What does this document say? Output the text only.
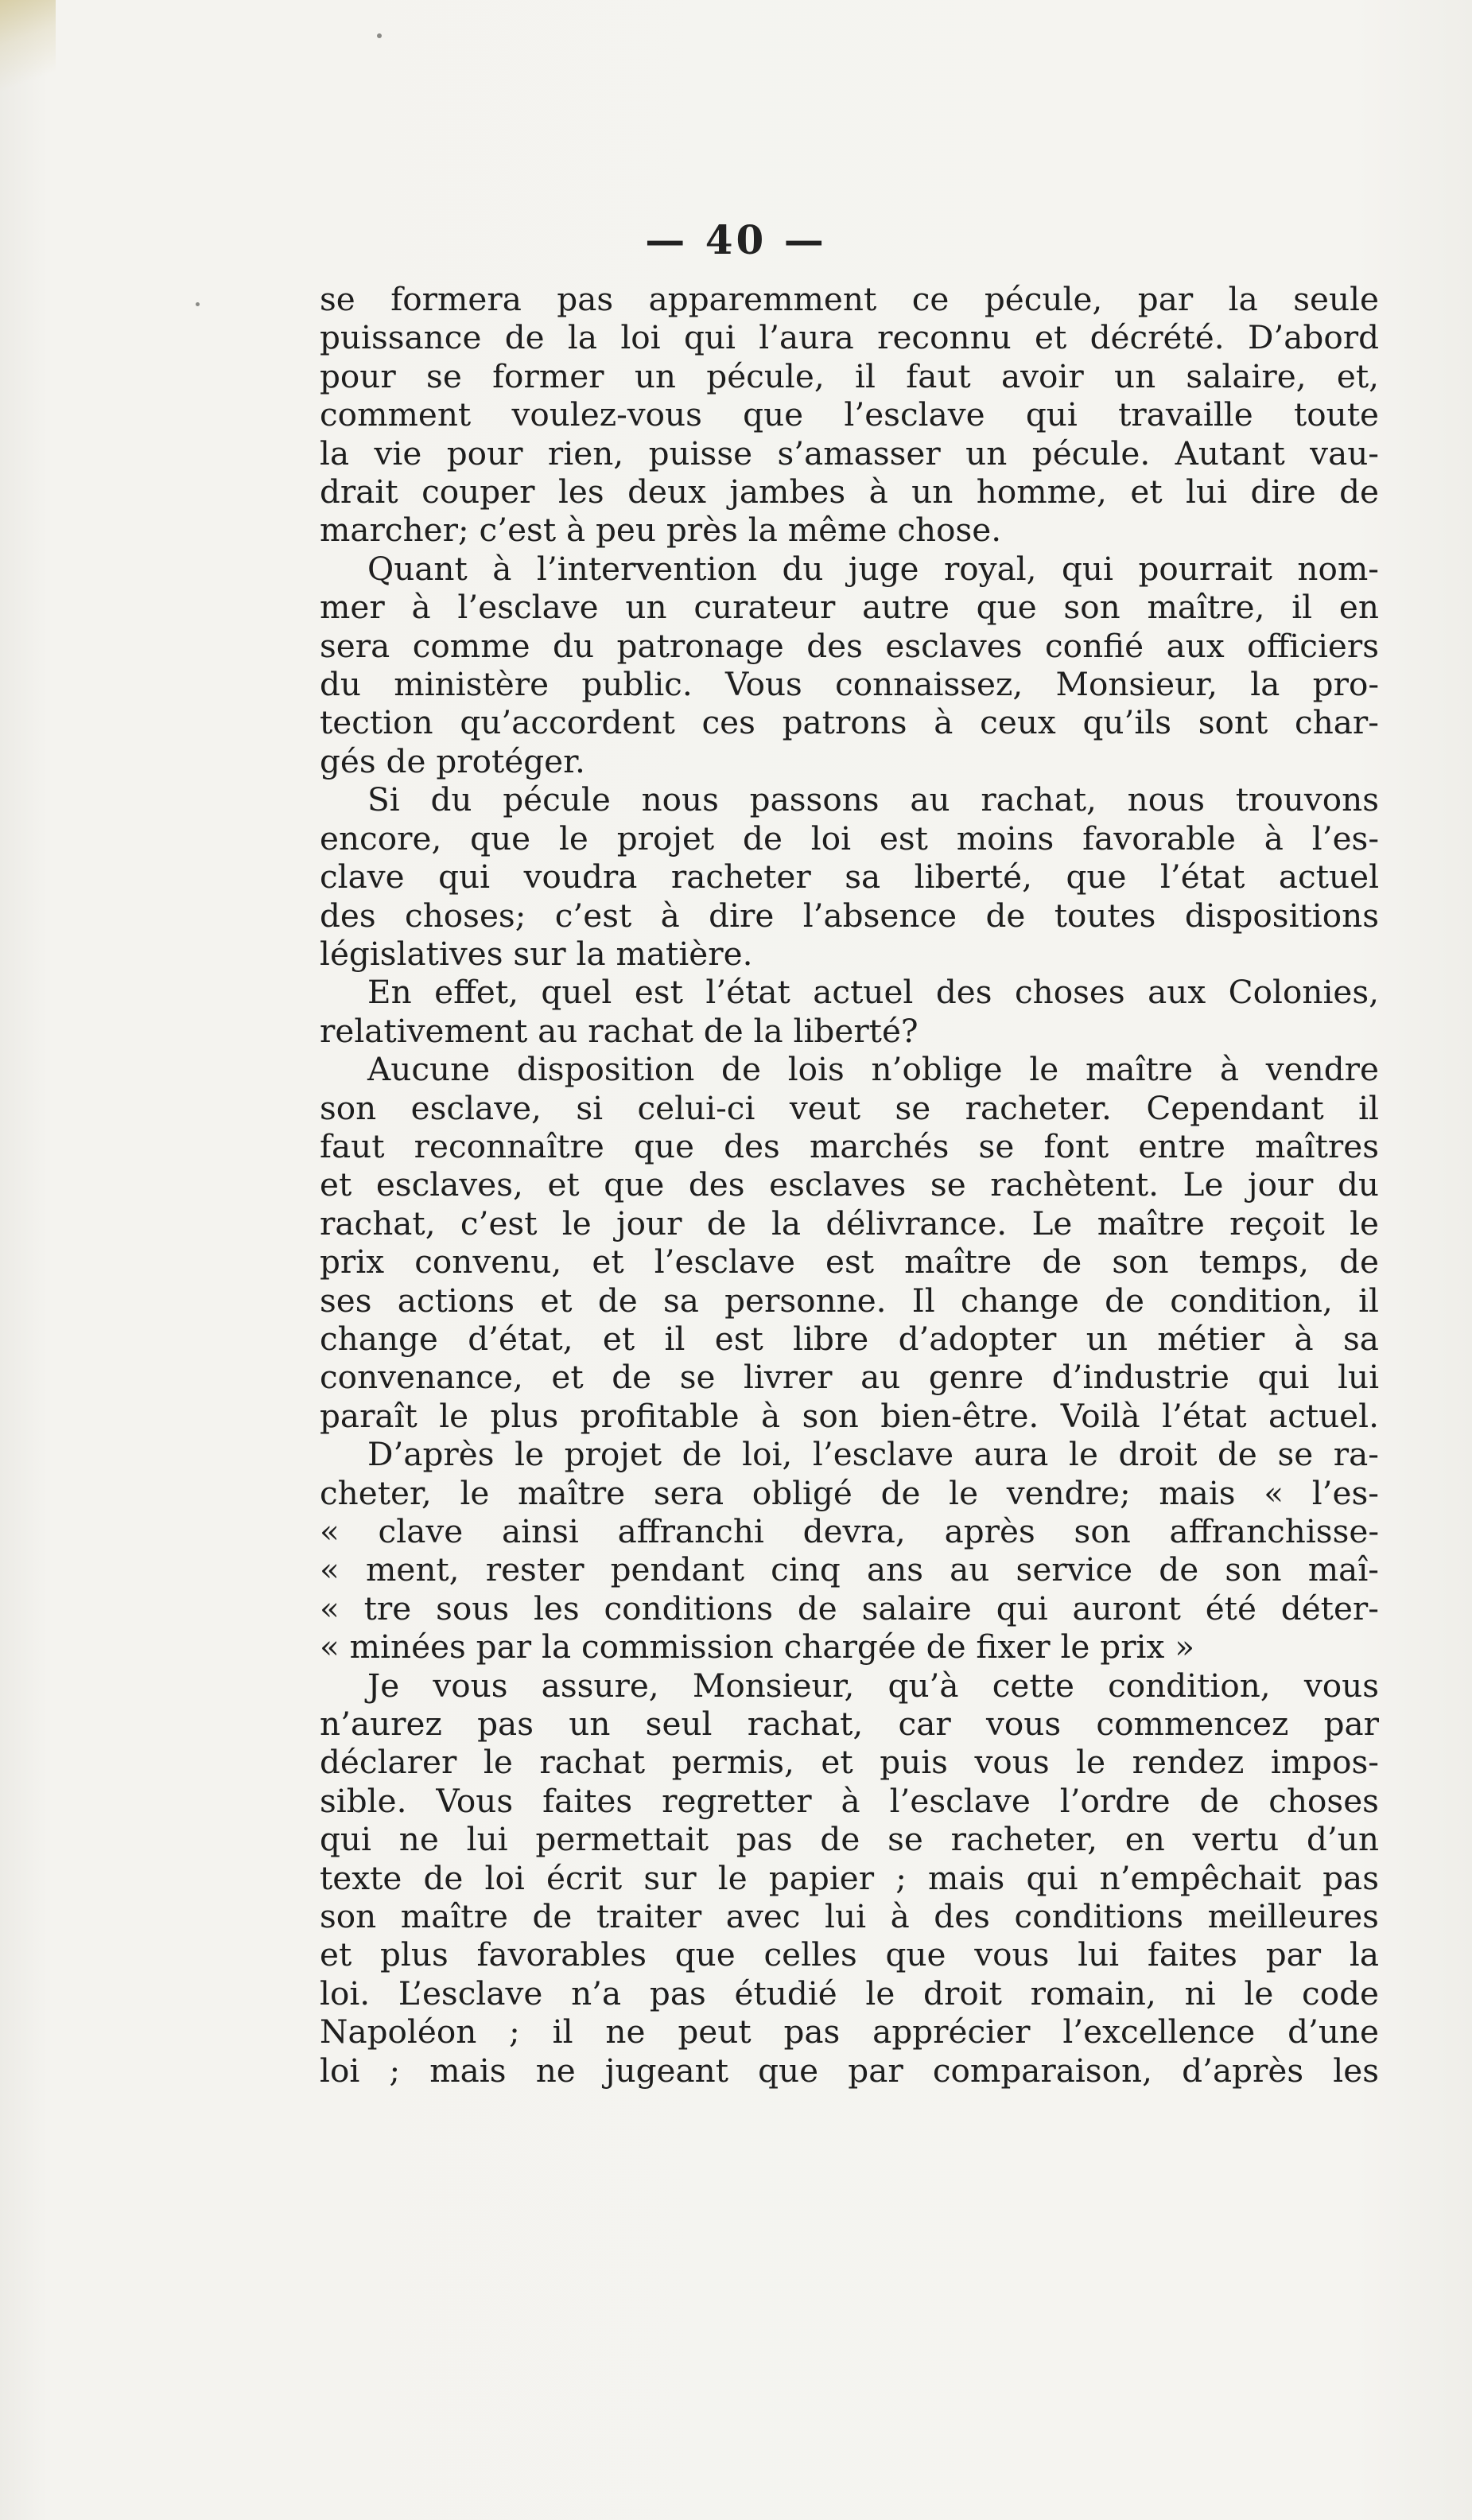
— 40 —
se formera pas apparemment ce pécule, par la seule
puissance de la loi qui l’aura reconnu et décrété. D’abord
pour se former un pécule, il faut avoir un salaire, et,
comment voulez-vous que l’esclave qui travaille toute
la vie pour rien, puisse s’amasser un pécule. Autant vau-
drait couper les deux jambes à un homme, et lui dire de
marcher; c’est à peu près la même chose.
Quant à l’intervention du juge royal, qui pourrait nom-
mer à l’esclave un curateur autre que son maître, il en
sera comme du patronage des esclaves confié aux officiers
du ministère public. Vous connaissez, Monsieur, la pro-
tection qu’accordent ces patrons à ceux qu’ils sont char-
gés de protéger.
Si du pécule nous passons au rachat, nous trouvons
encore, que le projet de loi est moins favorable à l’es-
clave qui voudra racheter sa liberté, que l’état actuel
des choses; c’est à dire l’absence de toutes dispositions
législatives sur la matière.
En effet, quel est l’état actuel des choses aux Colonies,
relativement au rachat de la liberté?
Aucune disposition de lois n’oblige le maître à vendre
son esclave, si celui-ci veut se racheter. Cependant il
faut reconnaître que des marchés se font entre maîtres
et esclaves, et que des esclaves se rachètent. Le jour du
rachat, c’est le jour de la délivrance. Le maître reçoit le
prix convenu, et l’esclave est maître de son temps, de
ses actions et de sa personne. Il change de condition, il
change d’état, et il est libre d’adopter un métier à sa
convenance, et de se livrer au genre d’industrie qui lui
paraît le plus profitable à son bien-être. Voilà l’état actuel.
D’après le projet de loi, l’esclave aura le droit de se ra-
cheter, le maître sera obligé de le vendre; mais « l’es-
« clave ainsi affranchi devra, après son affranchisse-
« ment, rester pendant cinq ans au service de son maî-
« tre sous les conditions de salaire qui auront été déter-
« minées par la commission chargée de fixer le prix »
Je vous assure, Monsieur, qu’à cette condition, vous
n’aurez pas un seul rachat, car vous commencez par
déclarer le rachat permis, et puis vous le rendez impos-
sible. Vous faites regretter à l’esclave l’ordre de choses
qui ne lui permettait pas de se racheter, en vertu d’un
texte de loi écrit sur le papier ; mais qui n’empêchait pas
son maître de traiter avec lui à des conditions meilleures
et plus favorables que celles que vous lui faites par la
loi. L’esclave n’a pas étudié le droit romain, ni le code
Napoléon ; il ne peut pas apprécier l’excellence d’une
loi ; mais ne jugeant que par comparaison, d’après les
